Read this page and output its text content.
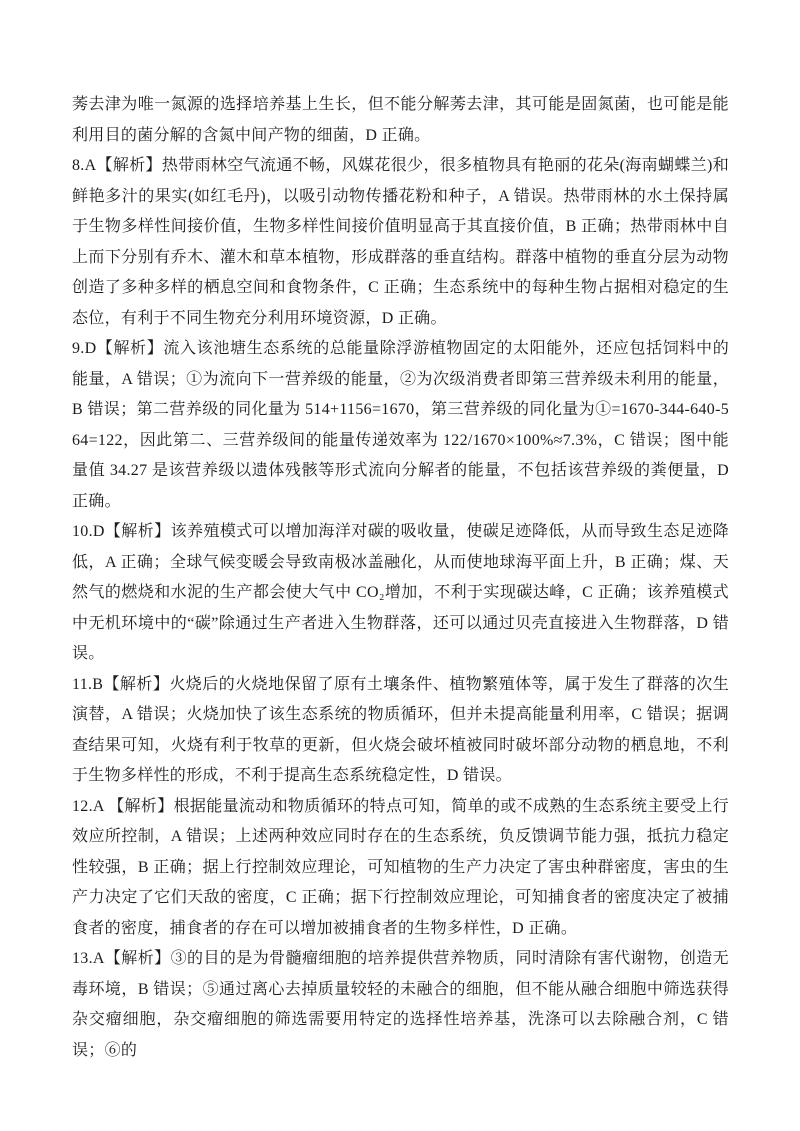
莠去津为唯一氮源的选择培养基上生长，但不能分解莠去津，其可能是固氮菌，也可能是能利用目的菌分解的含氮中间产物的细菌，D 正确。

8.A【解析】热带雨林空气流通不畅，风媒花很少，很多植物具有艳丽的花朵(海南蝴蝶兰)和鲜艳多汁的果实(如红毛丹)，以吸引动物传播花粉和种子，A 错误。热带雨林的水土保持属于生物多样性间接价值，生物多样性间接价值明显高于其直接价值，B 正确；热带雨林中自上而下分别有乔木、灌木和草本植物，形成群落的垂直结构。群落中植物的垂直分层为动物创造了多种多样的栖息空间和食物条件，C 正确；生态系统中的每种生物占据相对稳定的生态位，有利于不同生物充分利用环境资源，D 正确。

9.D【解析】流入该池塘生态系统的总能量除浮游植物固定的太阳能外，还应包括饲料中的能量，A 错误；①为流向下一营养级的能量，②为次级消费者即第三营养级未利用的能量，B 错误；第二营养级的同化量为 514+1156=1670，第三营养级的同化量为①=1670-344-640-564=122，因此第二、三营养级间的能量传递效率为 122/1670×100%≈7.3%，C 错误；图中能量值 34.27 是该营养级以遗体残骸等形式流向分解者的能量，不包括该营养级的粪便量，D 正确。

10.D【解析】该养殖模式可以增加海洋对碳的吸收量，使碳足迹降低，从而导致生态足迹降低，A 正确；全球气候变暖会导致南极冰盖融化，从而使地球海平面上升，B 正确；煤、天然气的燃烧和水泥的生产都会使大气中 CO₂增加，不利于实现碳达峰，C 正确；该养殖模式中无机环境中的“碳”除通过生产者进入生物群落，还可以通过贝壳直接进入生物群落，D 错误。

11.B【解析】火烧后的火烧地保留了原有土壤条件、植物繁殖体等，属于发生了群落的次生演替，A 错误；火烧加快了该生态系统的物质循环，但并未提高能量利用率，C 错误；据调查结果可知，火烧有利于牧草的更新，但火烧会破坏植被同时破坏部分动物的栖息地，不利于生物多样性的形成，不利于提高生态系统稳定性，D 错误。

12.A 【解析】根据能量流动和物质循环的特点可知，简单的或不成熟的生态系统主要受上行效应所控制，A 错误；上述两种效应同时存在的生态系统，负反馈调节能力强，抵抗力稳定性较强，B 正确；据上行控制效应理论，可知植物的生产力决定了害虫种群密度，害虫的生产力决定了它们天敌的密度，C 正确；据下行控制效应理论，可知捕食者的密度决定了被捕食者的密度，捕食者的存在可以增加被捕食者的生物多样性，D 正确。

13.A【解析】③的目的是为骨髓瘤细胞的培养提供营养物质，同时清除有害代谢物，创造无毒环境，B 错误；⑤通过离心去掉质量较轻的未融合的细胞，但不能从融合细胞中筛选获得杂交瘤细胞，杂交瘤细胞的筛选需要用特定的选择性培养基，洗涤可以去除融合剂，C 错误；⑥的
